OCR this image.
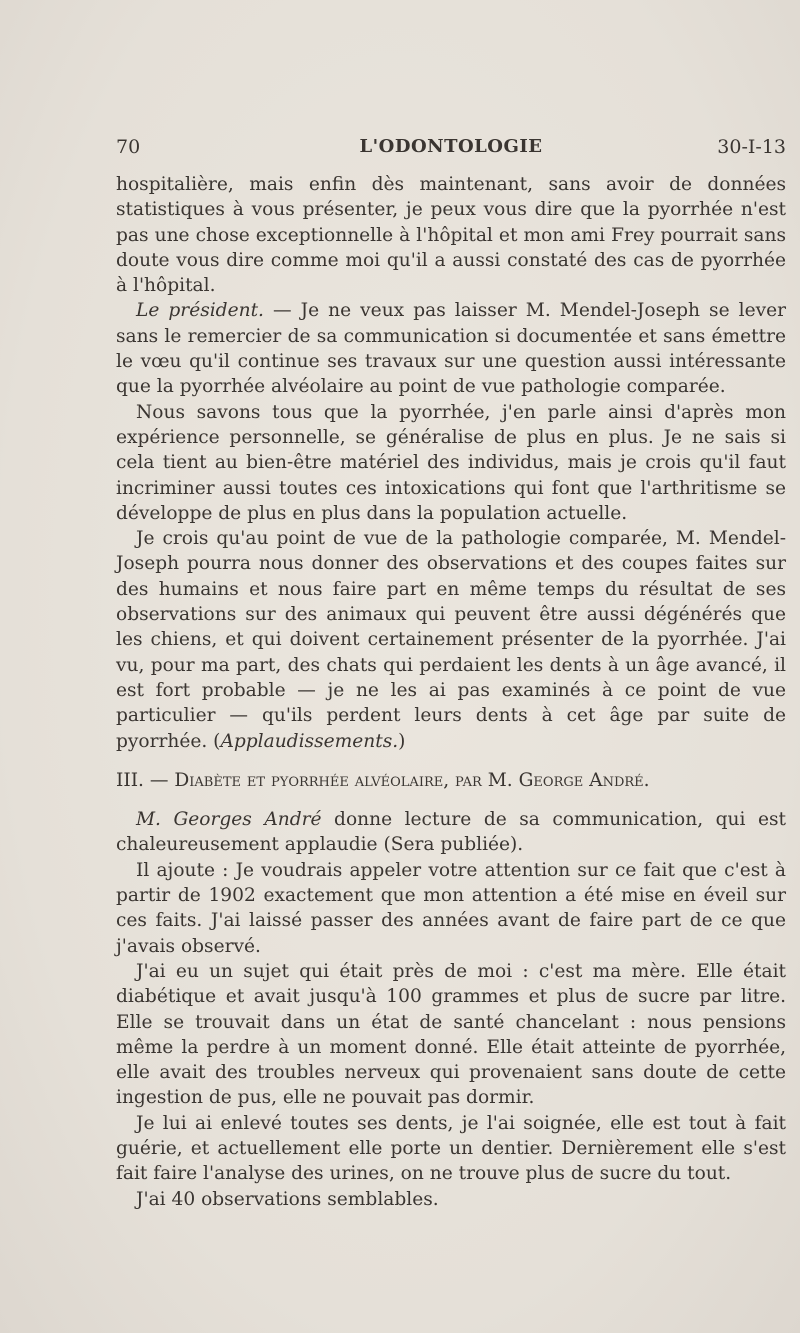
70	L'ODONTOLOGIE	30-I-13

hospitalière, mais enfin dès maintenant, sans avoir de données statistiques à vous présenter, je peux vous dire que la pyorrhée n'est pas une chose exceptionnelle à l'hôpital et mon ami Frey pourrait sans doute vous dire comme moi qu'il a aussi constaté des cas de pyorrhée à l'hôpital.

Le président. — Je ne veux pas laisser M. Mendel-Joseph se lever sans le remercier de sa communication si documentée et sans émettre le vœu qu'il continue ses travaux sur une question aussi intéressante que la pyorrhée alvéolaire au point de vue pathologie comparée.

Nous savons tous que la pyorrhée, j'en parle ainsi d'après mon expérience personnelle, se généralise de plus en plus. Je ne sais si cela tient au bien-être matériel des individus, mais je crois qu'il faut incriminer aussi toutes ces intoxications qui font que l'arthritisme se développe de plus en plus dans la population actuelle.

Je crois qu'au point de vue de la pathologie comparée, M. Mendel-Joseph pourra nous donner des observations et des coupes faites sur des humains et nous faire part en même temps du résultat de ses observations sur des animaux qui peuvent être aussi dégénérés que les chiens, et qui doivent certainement présenter de la pyorrhée. J'ai vu, pour ma part, des chats qui perdaient les dents à un âge avancé, il est fort probable — je ne les ai pas examinés à ce point de vue particulier — qu'ils perdent leurs dents à cet âge par suite de pyorrhée. (Applaudissements.)

III. — Diabète et pyorrhée alvéolaire, par M. George André.

M. Georges André donne lecture de sa communication, qui est chaleureusement applaudie (Sera publiée).

Il ajoute : Je voudrais appeler votre attention sur ce fait que c'est à partir de 1902 exactement que mon attention a été mise en éveil sur ces faits. J'ai laissé passer des années avant de faire part de ce que j'avais observé.

J'ai eu un sujet qui était près de moi : c'est ma mère. Elle était diabétique et avait jusqu'à 100 grammes et plus de sucre par litre. Elle se trouvait dans un état de santé chancelant : nous pensions même la perdre à un moment donné. Elle était atteinte de pyorrhée, elle avait des troubles nerveux qui provenaient sans doute de cette ingestion de pus, elle ne pouvait pas dormir.

Je lui ai enlevé toutes ses dents, je l'ai soignée, elle est tout à fait guérie, et actuellement elle porte un dentier. Dernièrement elle s'est fait faire l'analyse des urines, on ne trouve plus de sucre du tout.

J'ai 40 observations semblables.
